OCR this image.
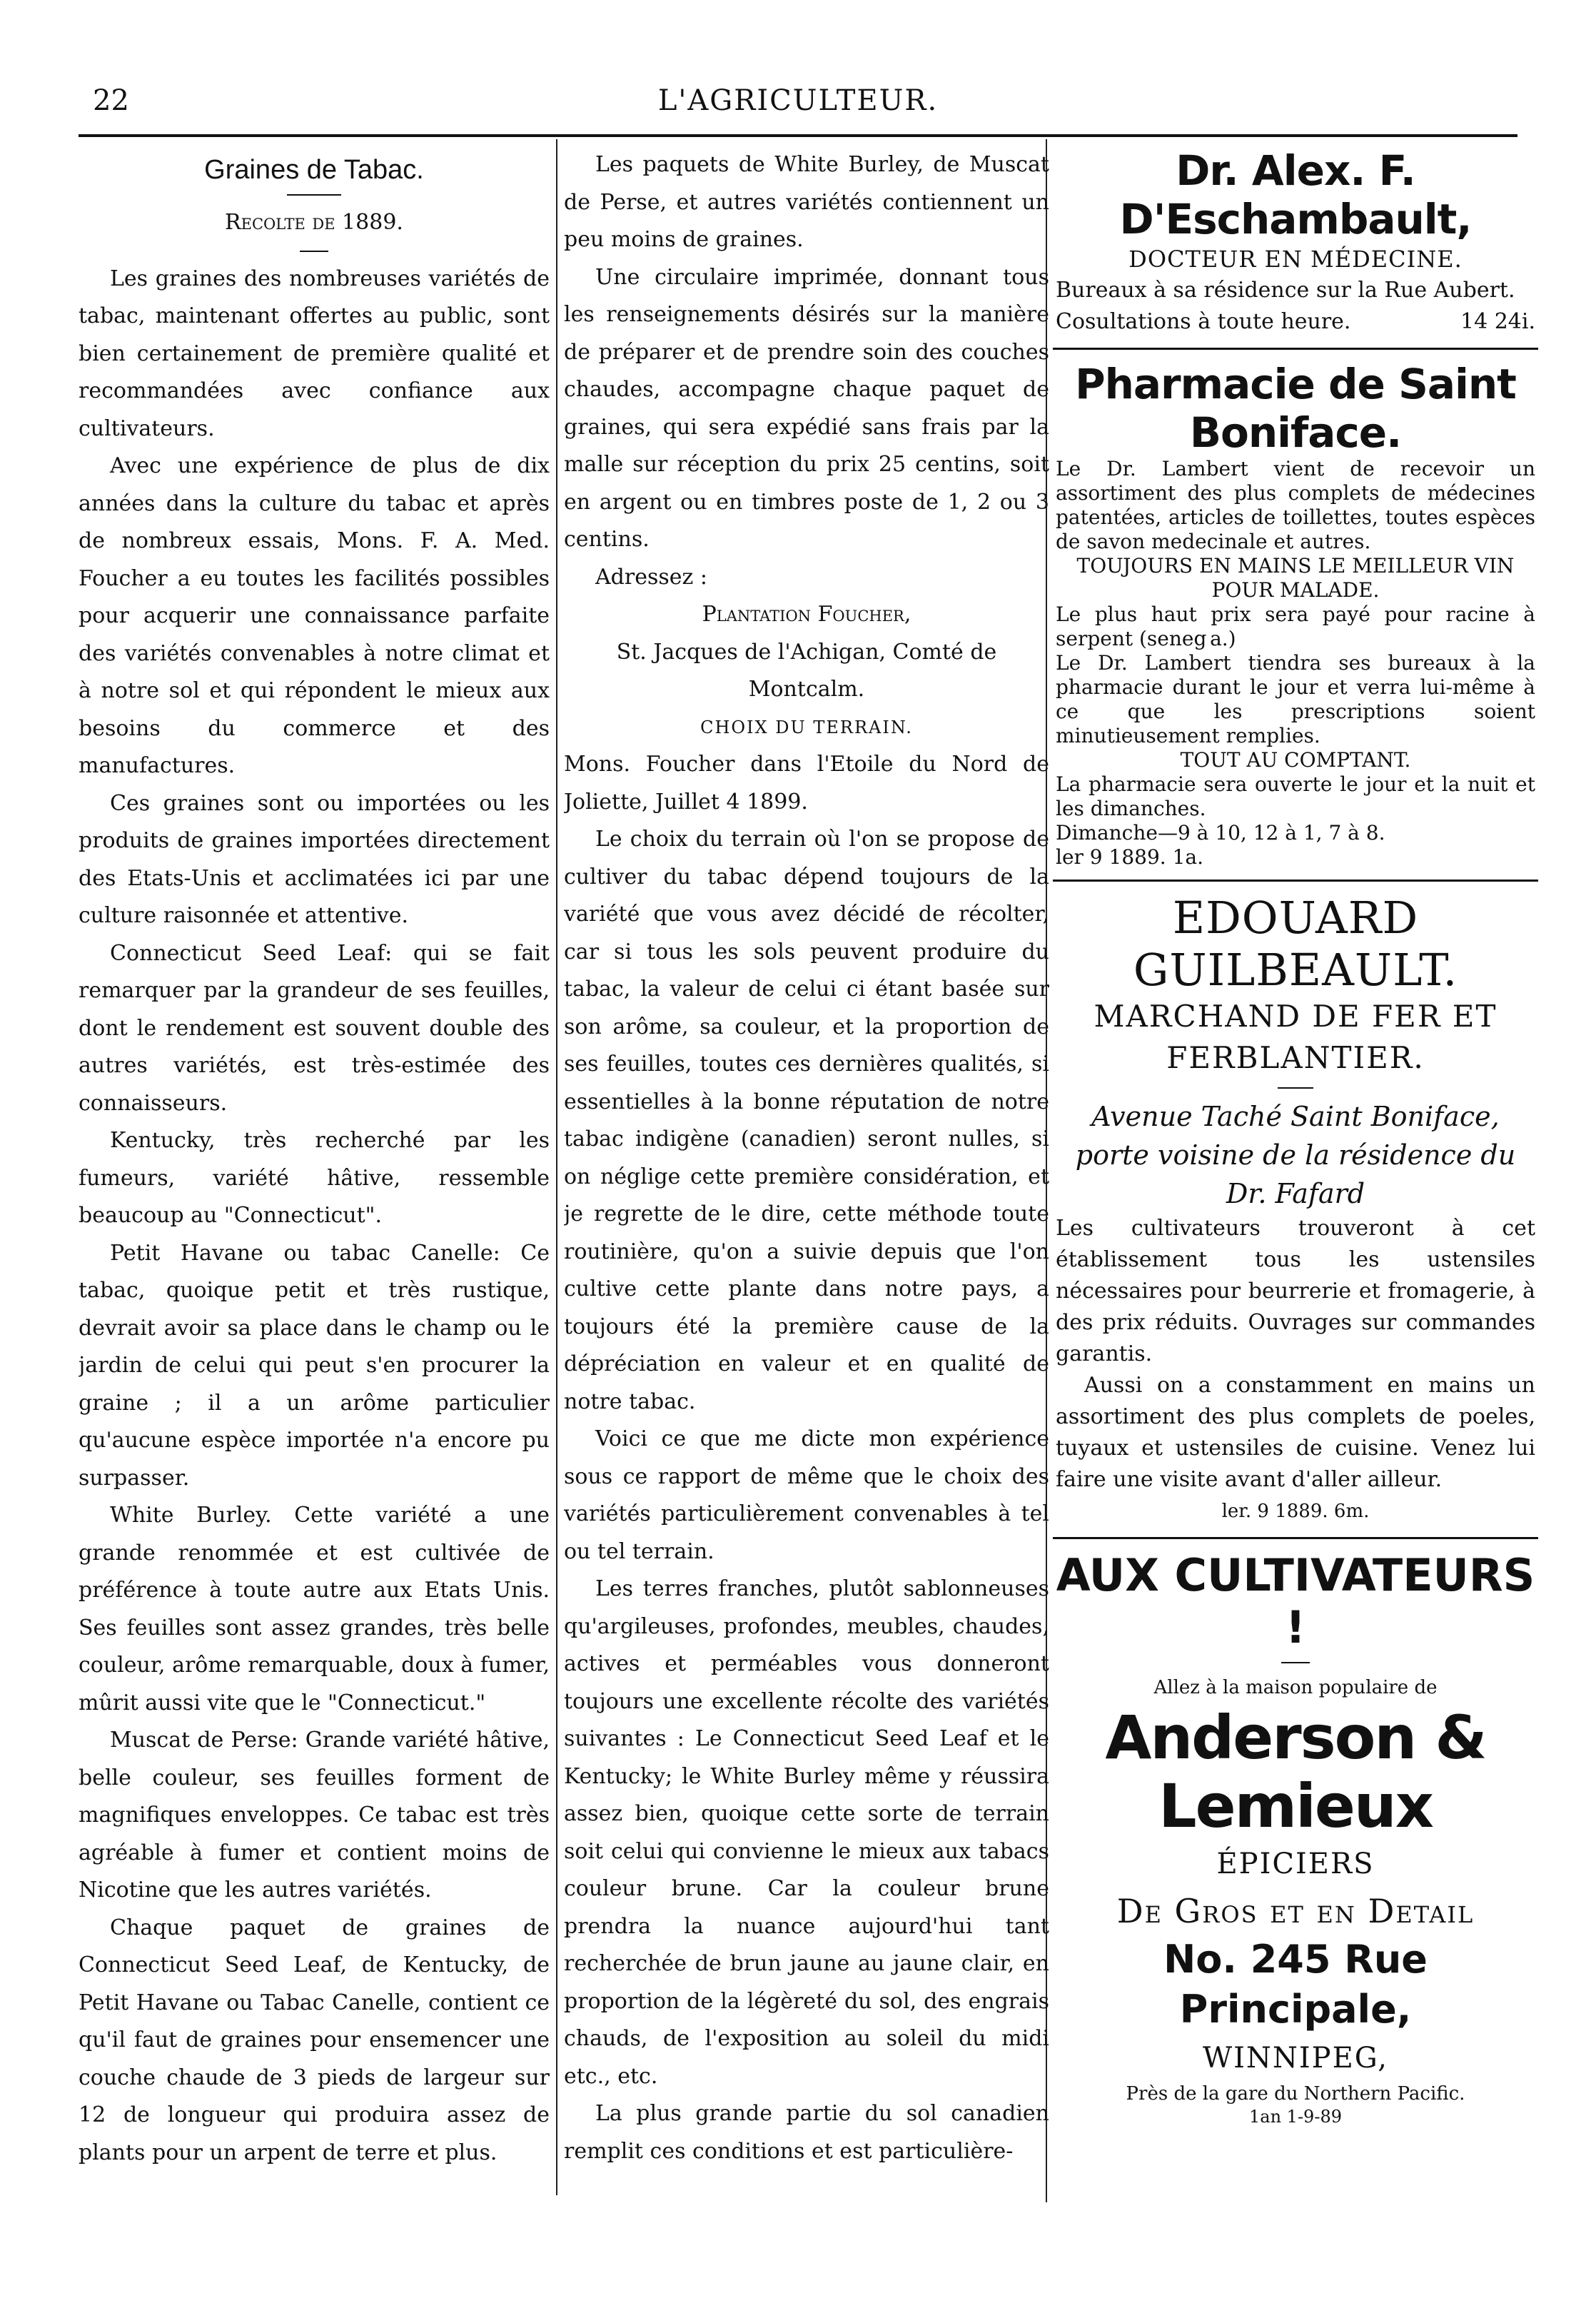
22	L'AGRICULTEUR.
Graines de Tabac.

Recolte de 1889.

Les graines des nombreuses variétés de tabac, maintenant offertes au public, sont bien certainement de première qualité et recommandées avec confiance aux cultivateurs.

Avec une expérience de plus de dix années dans la culture du tabac et après de nombreux essais, Mons. F. A. Med. Foucher a eu toutes les facilités possibles pour acquerir une connaissance parfaite des variétés convenables à notre climat et à notre sol et qui répondent le mieux aux besoins du commerce et des manufactures.

Ces graines sont ou importées ou les produits de graines importées directement des Etats-Unis et acclimatées ici par une culture raisonnée et attentive.

Connecticut Seed Leaf: qui se fait remarquer par la grandeur de ses feuilles, dont le rendement est souvent double des autres variétés, est très-estimée des connaisseurs.

Kentucky, très recherché par les fumeurs, variété hâtive, ressemble beaucoup au "Connecticut".

Petit Havane ou tabac Canelle: Ce tabac, quoique petit et très rustique, devrait avoir sa place dans le champ ou le jardin de celui qui peut s'en procurer la graine ; il a un arôme particulier qu'aucune espèce importée n'a encore pu surpasser.

White Burley. Cette variété a une grande renommée et est cultivée de préférence à toute autre aux Etats Unis. Ses feuilles sont assez grandes, très belle couleur, arôme remarquable, doux à fumer, mûrit aussi vite que le "Connecticut."

Muscat de Perse: Grande variété hâtive, belle couleur, ses feuilles forment de magnifiques enveloppes. Ce tabac est très agréable à fumer et contient moins de Nicotine que les autres variétés.

Chaque paquet de graines de Connecticut Seed Leaf, de Kentucky, de Petit Havane ou Tabac Canelle, contient ce qu'il faut de graines pour ensemencer une couche chaude de 3 pieds de largeur sur 12 de longueur qui produira assez de plants pour un arpent de terre et plus.

Les paquets de White Burley, de Muscat de Perse, et autres variétés contiennent un peu moins de graines.

Une circulaire imprimée, donnant tous les renseignements désirés sur la manière de préparer et de prendre soin des couches chaudes, accompagne chaque paquet de graines, qui sera expédié sans frais par la malle sur réception du prix 25 centins, soit en argent ou en timbres poste de 1, 2 ou 3 centins.

Adressez :

Plantation Foucher,

St. Jacques de l'Achigan, Comté de Montcalm.

CHOIX DU TERRAIN.

Mons. Foucher dans l'Etoile du Nord de Joliette, Juillet 4 1899.

Le choix du terrain où l'on se propose de cultiver du tabac dépend toujours de la variété que vous avez décidé de récolter, car si tous les sols peuvent produire du tabac, la valeur de celui ci étant basée sur son arôme, sa couleur, et la proportion de ses feuilles, toutes ces dernières qualités, si essentielles à la bonne réputation de notre tabac indigène (canadien) seront nulles, si on néglige cette première considération, et je regrette de le dire, cette méthode toute routinière, qu'on a suivie depuis que l'on cultive cette plante dans notre pays, a toujours été la première cause de la dépréciation en valeur et en qualité de notre tabac.

Voici ce que me dicte mon expérience sous ce rapport de même que le choix des variétés particulièrement convenables à tel ou tel terrain.

Les terres franches, plutôt sablonneuses qu'argileuses, profondes, meubles, chaudes, actives et perméables vous donneront toujours une excellente récolte des variétés suivantes : Le Connecticut Seed Leaf et le Kentucky; le White Burley même y réussira assez bien, quoique cette sorte de terrain soit celui qui convienne le mieux aux tabacs couleur brune. Car la couleur brune prendra la nuance aujourd'hui tant recherchée de brun jaune au jaune clair, en proportion de la légèreté du sol, des engrais chauds, de l'exposition au soleil du midi etc., etc.

La plus grande partie du sol canadien remplit ces conditions et est particulière-

Dr. Alex. F. D'Eschambault,

DOCTEUR EN MÉDECINE.

Bureaux à sa résidence sur la Rue Aubert.

Cosultations à toute heure.	14 24i.

Pharmacie de Saint Boniface.

Le Dr. Lambert vient de recevoir un assortiment des plus complets de médecines patentées, articles de toillettes, toutes espèces de savon medecinale et autres.

TOUJOURS EN MAINS LE MEILLEUR VIN POUR MALADE.

Le plus haut prix sera payé pour racine à serpent (seneg a.)

Le Dr. Lambert tiendra ses bureaux à la pharmacie durant le jour et verra lui-même à ce que les prescriptions soient minutieusement remplies.

TOUT AU COMPTANT.

La pharmacie sera ouverte le jour et la nuit et les dimanches.

Dimanche—9 à 10, 12 à 1, 7 à 8.

ler 9 1889. 1a.

EDOUARD GUILBEAULT.
MARCHAND DE FER ET
FERBLANTIER.
Avenue Taché Saint Boniface, porte voisine de la résidence du Dr. Fafard

Les cultivateurs trouveront à cet établissement tous les ustensiles nécessaires pour beurrerie et fromagerie, à des prix réduits. Ouvrages sur commandes garantis.

Aussi on a constamment en mains un assortiment des plus complets de poeles, tuyaux et ustensiles de cuisine. Venez lui faire une visite avant d'aller ailleur.

ler. 9 1889. 6m.

AUX CULTIVATEURS !

Allez à la maison populaire de

Anderson & Lemieux
ÉPICIERS
De Gros et en Detail
No. 245 Rue Principale,
WINNIPEG,

Près de la gare du Northern Pacific.

1an 1-9-89
